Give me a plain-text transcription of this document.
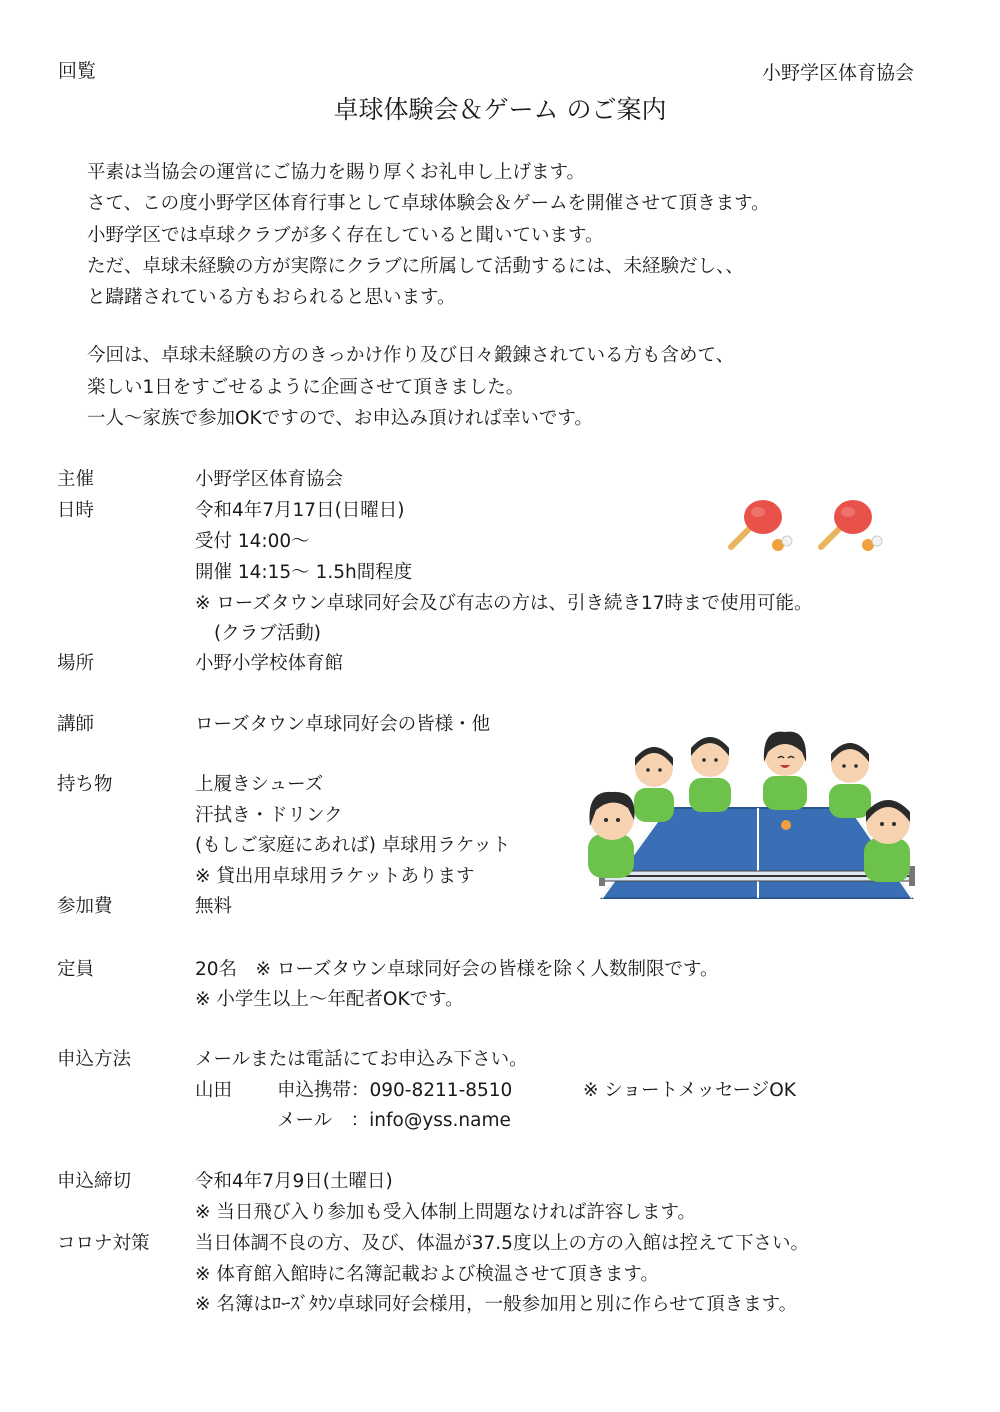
回覧	小野学区体育協会
卓球体験会＆ゲーム のご案内
平素は当協会の運営にご協力を賜り厚くお礼申し上げます。
さて、この度小野学区体育行事として卓球体験会＆ゲームを開催させて頂きます。
小野学区では卓球クラブが多く存在していると聞いています。
ただ、卓球未経験の方が実際にクラブに所属して活動するには、未経験だし、、
と躊躇されている方もおられると思います。
今回は、卓球未経験の方のきっかけ作り及び日々鍛錬されている方も含めて、
楽しい1日をすごせるように企画させて頂きました。
一人～家族で参加OKですので、お申込み頂ければ幸いです。
主催	小野学区体育協会
日時	令和4年7月17日(日曜日)
受付 14:00～
開催 14:15～ 1.5h間程度
※ ローズタウン卓球同好会及び有志の方は、引き続き17時まで使用可能。
(クラブ活動)
場所	小野小学校体育館
講師	ローズタウン卓球同好会の皆様・他
持ち物	上履きシューズ
汗拭き・ドリンク
(もしご家庭にあれば) 卓球用ラケット
※ 貸出用卓球用ラケットあります
参加費	無料
定員	20名　※ ローズタウン卓球同好会の皆様を除く人数制限です。
※ 小学生以上～年配者OKです。
申込方法	メールまたは電話にてお申込み下さい。
山田 申込携帯：090-8211-8510	※ ショートメッセージOK
メール　：info@yss.name
申込締切	令和4年7月9日(土曜日)
※ 当日飛び入り参加も受入体制上問題なければ許容します。
コロナ対策 当日体調不良の方、及び、体温が37.5度以上の方の入館は控えて下さい。
※ 体育館入館時に名簿記載および検温させて頂きます。
※ 名簿はﾛｰｽﾞﾀｳﾝ卓球同好会様用，一般参加用と別に作らせて頂きます。
